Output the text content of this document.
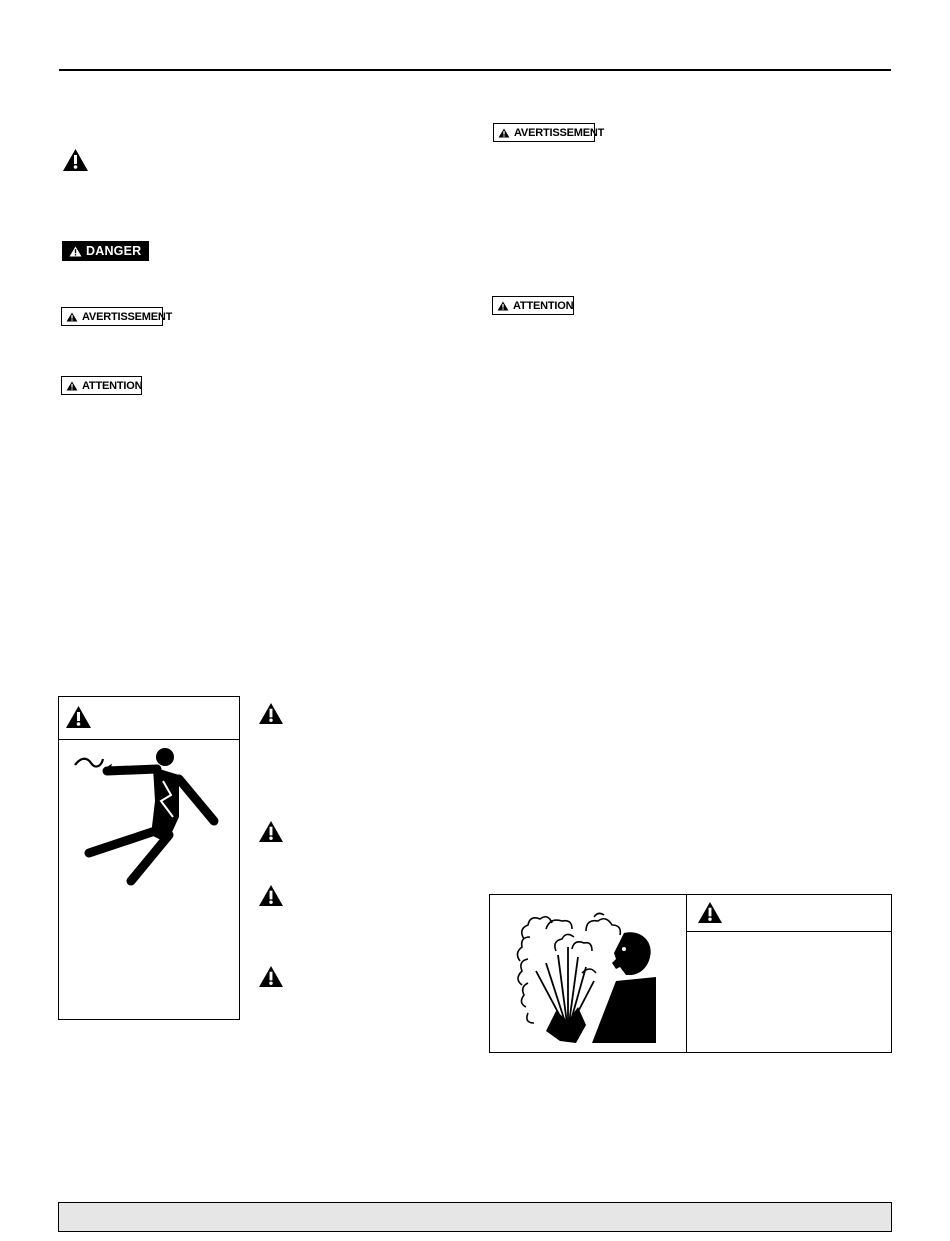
DANGER
AVERTISSEMENT
ATTENTION
AVERTISSEMENT
ATTENTION
